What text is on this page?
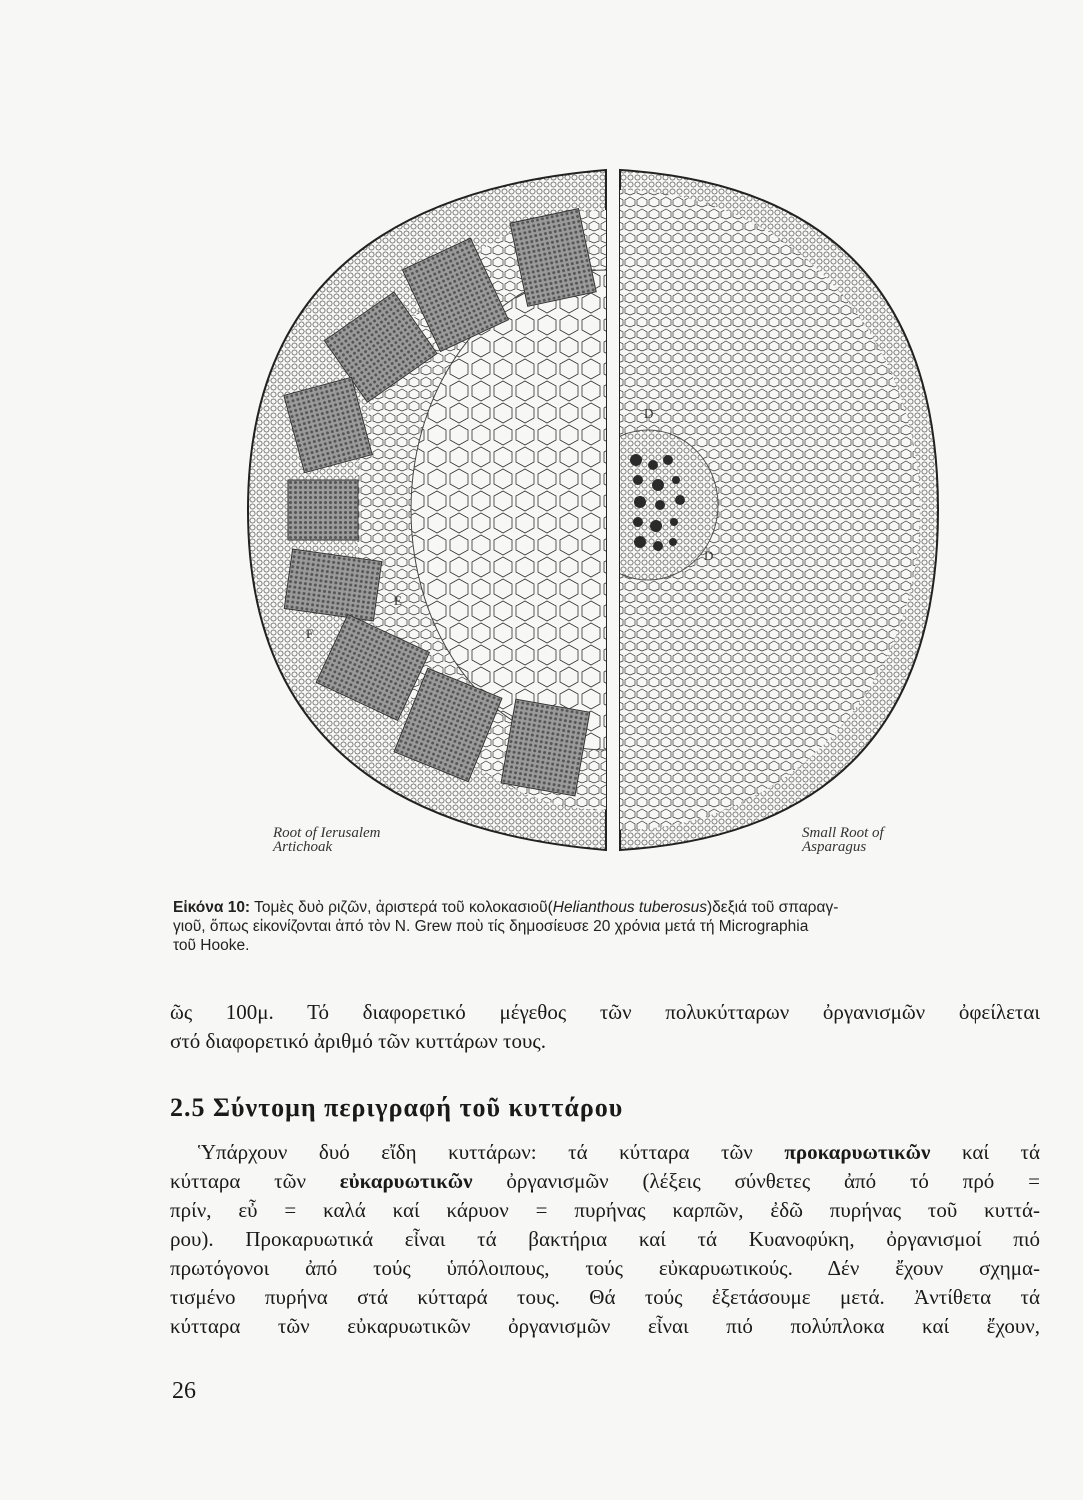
D
D
E
F
Root of Ierusalem
Artichoak
Small Root of
Asparagus
Εἰκόνα 10: Τομὲς δυὸ ριζῶν, ἀριστερά τοῦ κολοκασιοῦ(Helianthous tuberosus)δεξιά τοῦ σπαραγ-
γιοῦ, ὅπως εἰκονίζονται ἀπό τὸν Ν. Grew ποὺ τίς δημοσίευσε 20 χρόνια μετά τή Micrographia
τοῦ Hooke.
ῶς 100μ. Τό διαφορετικό μέγεθος τῶν πολυκύτταρων ὀργανισμῶν ὀφείλεται
στό διαφορετικό ἀριθμό τῶν κυττάρων τους.
2.5 Σύντομη περιγραφή τοῦ κυττάρου
Ὑπάρχουν δυό εἴδη κυττάρων: τά κύτταρα τῶν προκαρυωτικῶν καί τά
κύτταρα τῶν εὐκαρυωτικῶν ὀργανισμῶν (λέξεις σύνθετες ἀπό τό πρό =
πρίν, εὖ = καλά καί κάρυον = πυρήνας καρπῶν, ἐδῶ πυρήνας τοῦ κυττά-
ρου). Προκαρυωτικά εἶναι τά βακτήρια καί τά Κυανοφύκη, ὀργανισμοί πιό
πρωτόγονοι ἀπό τούς ὑπόλοιπους, τούς εὐκαρυωτικούς. Δέν ἔχουν σχημα-
τισμένο πυρήνα στά κύτταρά τους. Θά τούς ἐξετάσουμε μετά. Ἀντίθετα τά
κύτταρα τῶν εὐκαρυωτικῶν ὀργανισμῶν εἶναι πιό πολύπλοκα καί ἔχουν,
26
